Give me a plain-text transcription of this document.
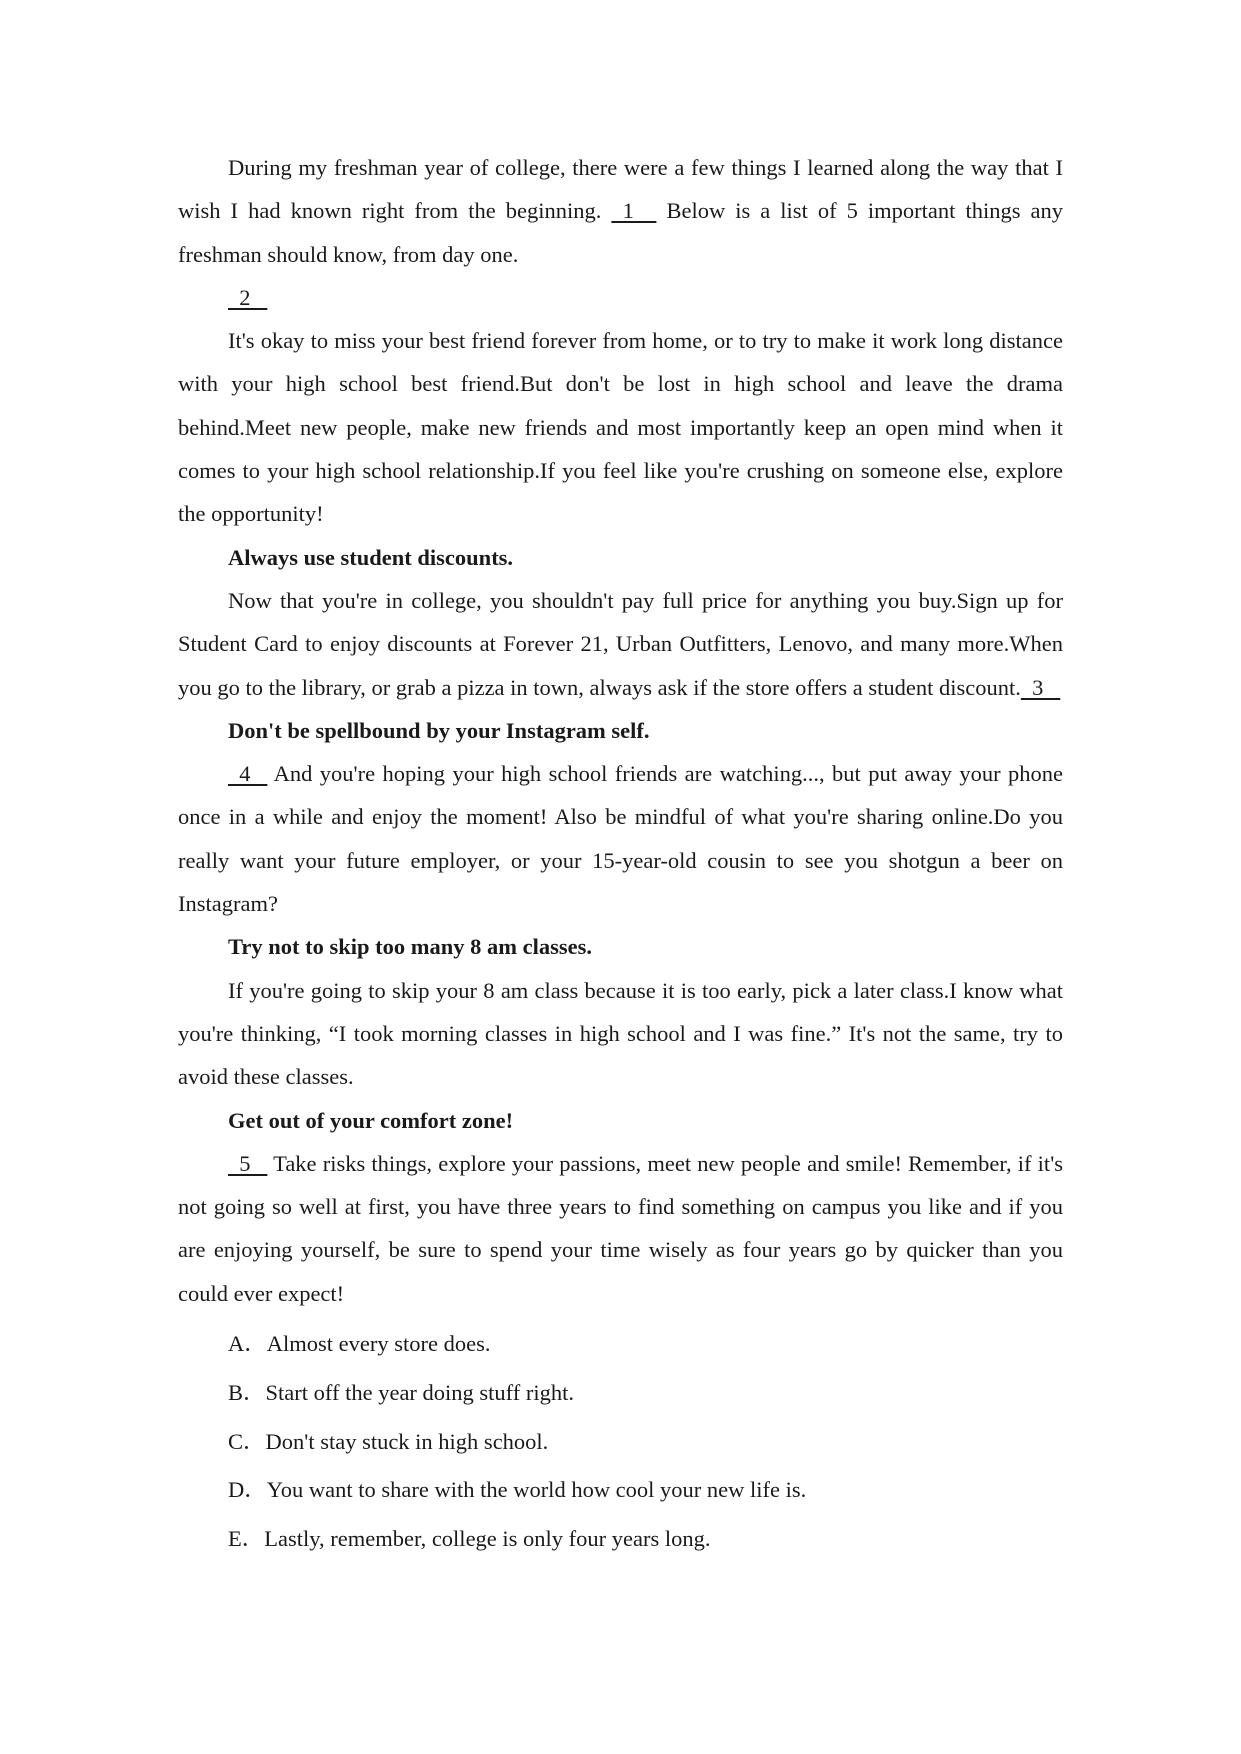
During my freshman year of college, there were a few things I learned along the way that I wish I had known right from the beginning.   1     Below is a list of 5 important things any freshman should know, from day one.

2

It's okay to miss your best friend forever from home, or to try to make it work long distance with your high school best friend.But don't be lost in high school and leave the drama behind.Meet new people, make new friends and most importantly keep an open mind when it comes to your high school relationship.If you feel like you're crushing on someone else, explore the opportunity!

Always use student discounts.

Now that you're in college, you shouldn't pay full price for anything you buy.Sign up for Student Card to enjoy discounts at Forever 21, Urban Outfitters, Lenovo, and many more.When you go to the library, or grab a pizza in town, always ask if the store offers a student discount.  3

Don't be spellbound by your Instagram self.

4    And you're hoping your high school friends are watching..., but put away your phone once in a while and enjoy the moment! Also be mindful of what you're sharing online.Do you really want your future employer, or your 15-year-old cousin to see you shotgun a beer on Instagram?

Try not to skip too many 8 am classes.

If you're going to skip your 8 am class because it is too early, pick a later class.I know what you're thinking, “I took morning classes in high school and I was fine.” It's not the same, try to avoid these classes.

Get out of your comfort zone!

5    Take risks things, explore your passions, meet new people and smile! Remember, if it's not going so well at first, you have three years to find something on campus you like and if you are enjoying yourself, be sure to spend your time wisely as four years go by quicker than you could ever expect!

A．Almost every store does.

B．Start off the year doing stuff right.

C．Don't stay stuck in high school.

D．You want to share with the world how cool your new life is.

E．Lastly, remember, college is only four years long.
